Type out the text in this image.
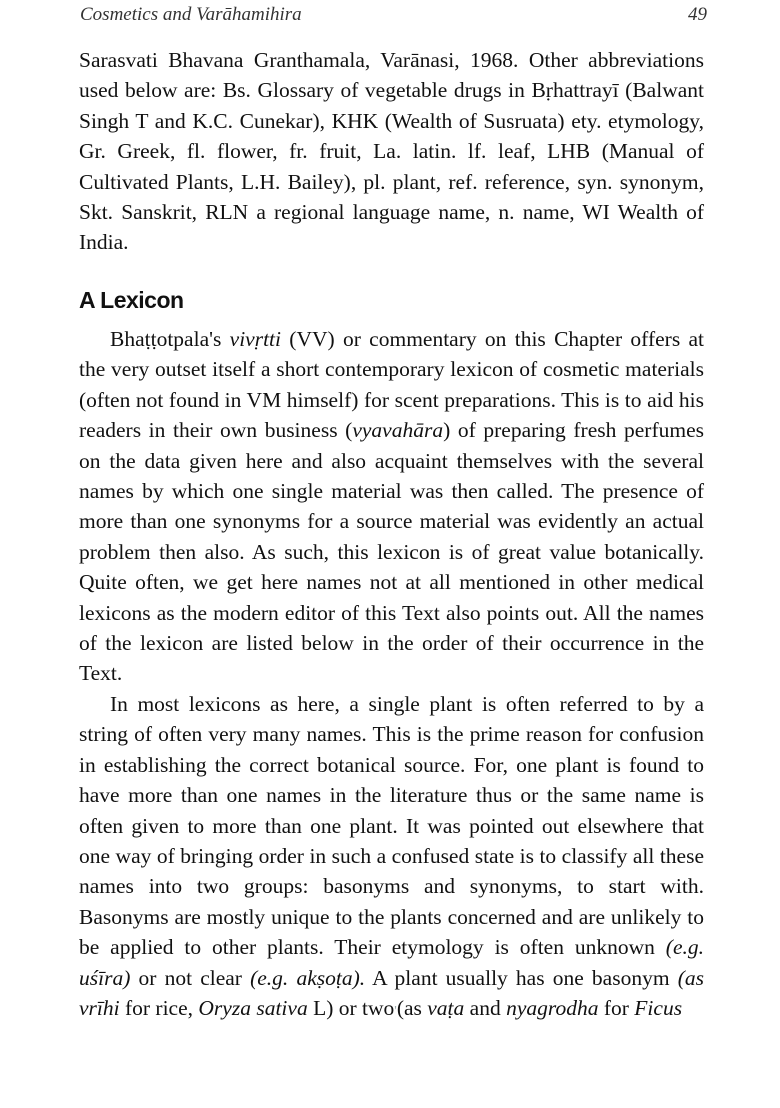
Cosmetics and Varāhamihira	49

Sarasvati Bhavana Granthamala, Varānasi, 1968. Other abbreviations used below are: Bs. Glossary of vegetable drugs in Bṛhattrayī (Balwant Singh T and K.C. Cunekar), KHK (Wealth of Susruata) ety. etymology, Gr. Greek, fl. flower, fr. fruit, La. latin. lf. leaf, LHB (Manual of Cultivated Plants, L.H. Bailey), pl. plant, ref. reference, syn. synonym, Skt. Sanskrit, RLN a regional language name, n. name, WI Wealth of India.

A Lexicon

Bhaṭṭotpala's vivṛtti (VV) or commentary on this Chapter offers at the very outset itself a short contemporary lexicon of cosmetic materials (often not found in VM himself) for scent preparations. This is to aid his readers in their own business (vyavahāra) of preparing fresh perfumes on the data given here and also acquaint themselves with the several names by which one single material was then called. The presence of more than one synonyms for a source material was evidently an actual problem then also. As such, this lexicon is of great value botanically. Quite often, we get here names not at all mentioned in other medical lexicons as the modern editor of this Text also points out. All the names of the lexicon are listed below in the order of their occurrence in the Text.

In most lexicons as here, a single plant is often referred to by a string of often very many names. This is the prime reason for confusion in establishing the correct botanical source. For, one plant is found to have more than one names in the literature thus or the same name is often given to more than one plant. It was pointed out elsewhere that one way of bringing order in such a confused state is to classify all these names into two groups: basonyms and synonyms, to start with. Basonyms are mostly unique to the plants concerned and are unlikely to be applied to other plants. Their etymology is often unknown (e.g. uśīra) or not clear (e.g. akṣoṭa). A plant usually has one basonym (as vrīhi for rice, Oryza sativa L) or two'(as vaṭa and nyagrodha for Ficus
